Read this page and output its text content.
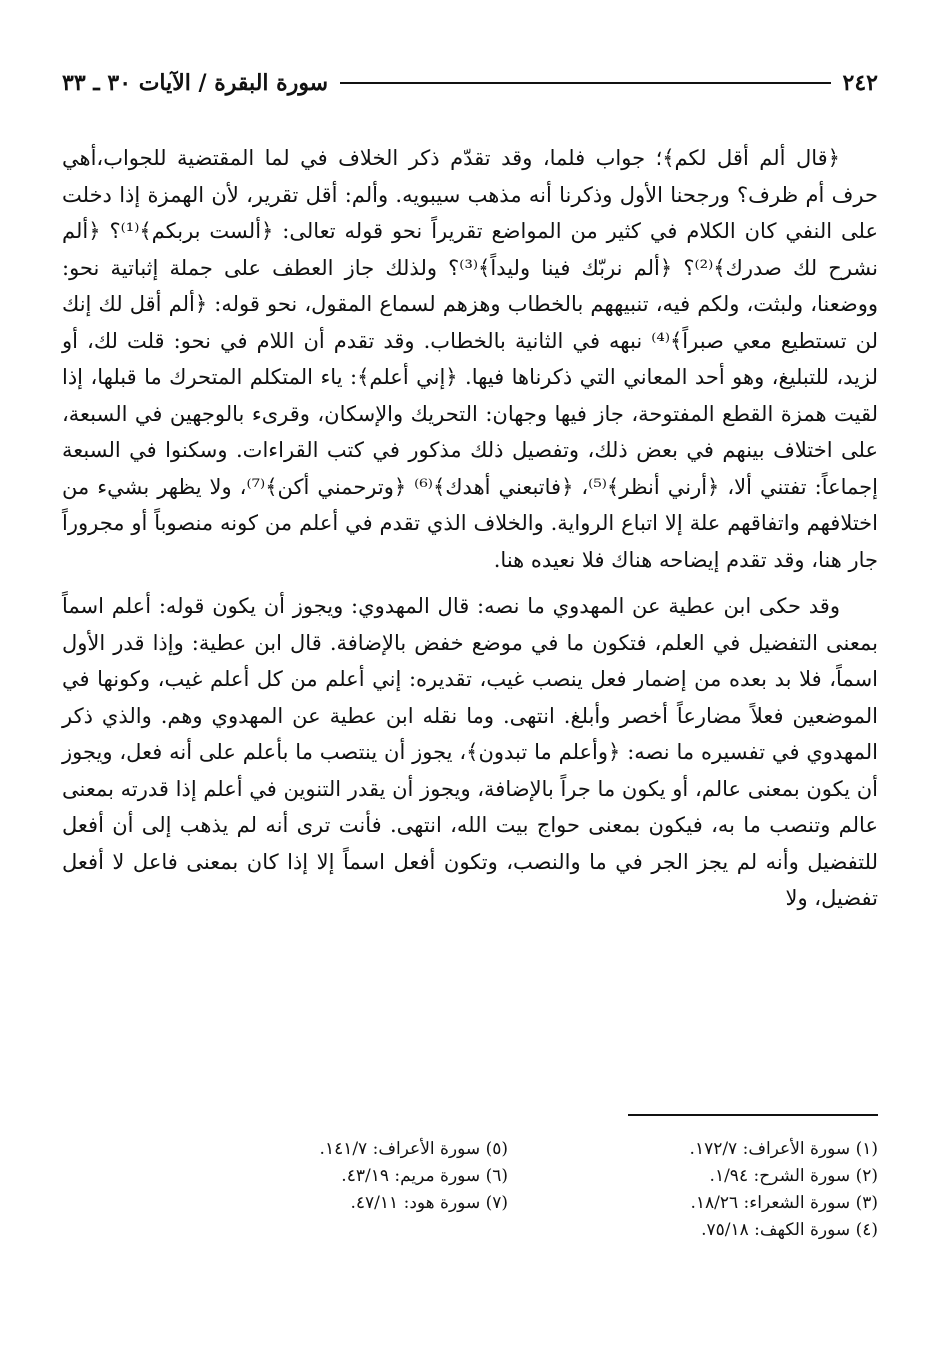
٢٤٢
سورة البقرة / الآيات ٣٠ ـ ٣٣

﴿قال ألم أقل لكم﴾؛ جواب فلما، وقد تقدّم ذكر الخلاف في لما المقتضية للجواب،أهي حرف أم ظرف؟ ورجحنا الأول وذكرنا أنه مذهب سيبويه. وألم: أقل تقرير، لأن الهمزة إذا دخلت على النفي كان الكلام في كثير من المواضع تقريراً نحو قوله تعالى: ﴿ألست بربكم﴾⁽¹⁾؟ ﴿ألم نشرح لك صدرك﴾⁽²⁾؟ ﴿ألم نربّك فينا وليداً﴾⁽³⁾؟ ولذلك جاز العطف على جملة إثباتية نحو: ووضعنا، ولبثت، ولكم فيه، تنبيههم بالخطاب وهزهم لسماع المقول، نحو قوله: ﴿ألم أقل لك إنك لن تستطيع معي صبراً﴾⁽⁴⁾ نبهه في الثانية بالخطاب. وقد تقدم أن اللام في نحو: قلت لك، أو لزيد، للتبليغ، وهو أحد المعاني التي ذكرناها فيها. ﴿إني أعلم﴾: ياء المتكلم المتحرك ما قبلها، إذا لقيت همزة القطع المفتوحة، جاز فيها وجهان: التحريك والإسكان، وقرىء بالوجهين في السبعة، على اختلاف بينهم في بعض ذلك، وتفصيل ذلك مذكور في كتب القراءات. وسكنوا في السبعة إجماعاً: تفتني ألا، ﴿أرني أنظر﴾⁽⁵⁾، ﴿فاتبعني أهدك﴾⁽⁶⁾ ﴿وترحمني أكن﴾⁽⁷⁾، ولا يظهر بشيء من اختلافهم واتفاقهم علة إلا اتباع الرواية. والخلاف الذي تقدم في أعلم من كونه منصوباً أو مجروراً جار هنا، وقد تقدم إيضاحه هناك فلا نعيده هنا.

وقد حكى ابن عطية عن المهدوي ما نصه: قال المهدوي: ويجوز أن يكون قوله: أعلم اسماً بمعنى التفضيل في العلم، فتكون ما في موضع خفض بالإضافة. قال ابن عطية: وإذا قدر الأول اسماً، فلا بد بعده من إضمار فعل ينصب غيب، تقديره: إني أعلم من كل أعلم غيب، وكونها في الموضعين فعلاً مضارعاً أخصر وأبلغ. انتهى. وما نقله ابن عطية عن المهدوي وهم. والذي ذكر المهدوي في تفسيره ما نصه: ﴿وأعلم ما تبدون﴾، يجوز أن ينتصب ما بأعلم على أنه فعل، ويجوز أن يكون بمعنى عالم، أو يكون ما جراً بالإضافة، ويجوز أن يقدر التنوين في أعلم إذا قدرته بمعنى عالم وتنصب ما به، فيكون بمعنى حواج بيت الله، انتهى. فأنت ترى أنه لم يذهب إلى أن أفعل للتفضيل وأنه لم يجز الجر في ما والنصب، وتكون أفعل اسماً إلا إذا كان بمعنى فاعل لا أفعل تفضيل، ولا

(١) سورة الأعراف: ١٧٢/٧.
(٢) سورة الشرح: ١/٩٤.
(٣) سورة الشعراء: ١٨/٢٦.
(٤) سورة الكهف: ٧٥/١٨.
(٥) سورة الأعراف: ١٤١/٧.
(٦) سورة مريم: ٤٣/١٩.
(٧) سورة هود: ٤٧/١١.
